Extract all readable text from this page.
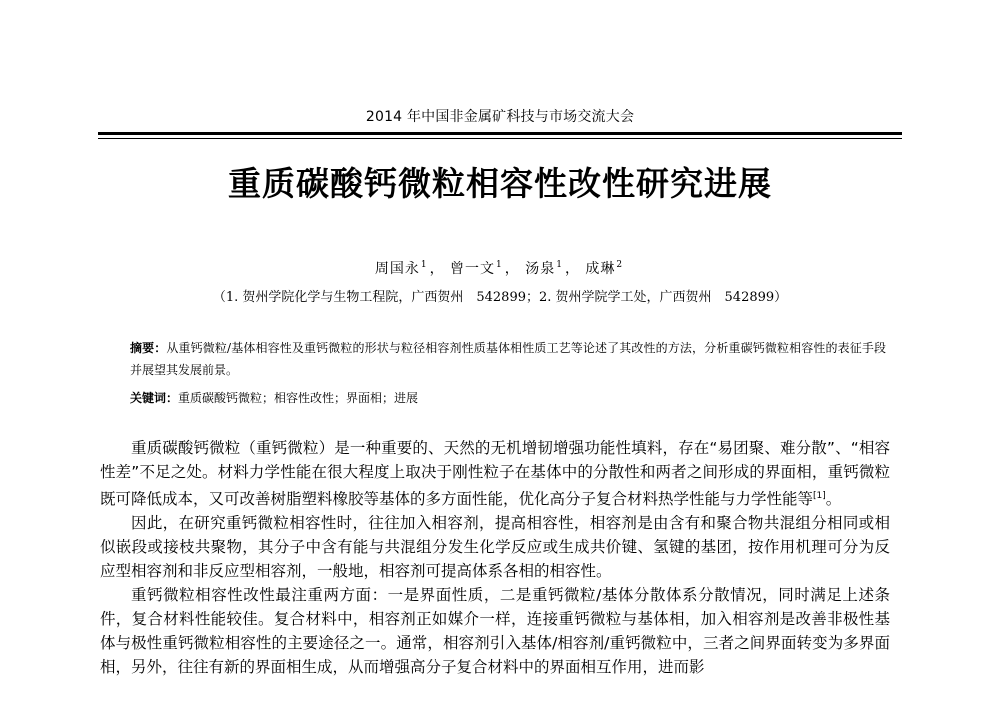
2014 年中国非金属矿科技与市场交流大会
重质碳酸钙微粒相容性改性研究进展
周国永$^1$ ， 曾一文$^1$ ， 汤泉$^1$ ， 成琳$^2$
（1. 贺州学院化学与生物工程院，广西贺州　542899；2. 贺州学院学工处，广西贺州　542899）
摘要：从重钙微粒/基体相容性及重钙微粒的形状与粒径相容剂性质基体相性质工艺等论述了其改性的方法，分析重碳钙微粒相容性的表征手段并展望其发展前景。
关键词：重质碳酸钙微粒；相容性改性；界面相；进展

重质碳酸钙微粒（重钙微粒）是一种重要的、天然的无机增韧增强功能性填料，存在“易团聚、难分散”、“相容性差”不足之处。材料力学性能在很大程度上取决于刚性粒子在基体中的分散性和两者之间形成的界面相，重钙微粒既可降低成本，又可改善树脂塑料橡胶等基体的多方面性能，优化高分子复合材料热学性能与力学性能等[1]。

因此，在研究重钙微粒相容性时，往往加入相容剂，提高相容性，相容剂是由含有和聚合物共混组分相同或相似嵌段或接枝共聚物，其分子中含有能与共混组分发生化学反应或生成共价键、氢键的基团，按作用机理可分为反应型相容剂和非反应型相容剂，一般地，相容剂可提高体系各相的相容性。

重钙微粒相容性改性最注重两方面：一是界面性质，二是重钙微粒/基体分散体系分散情况，同时满足上述条件，复合材料性能较佳。复合材料中，相容剂正如媒介一样，连接重钙微粒与基体相，加入相容剂是改善非极性基体与极性重钙微粒相容性的主要途径之一。通常，相容剂引入基体/相容剂/重钙微粒中，三者之间界面转变为多界面相，另外，往往有新的界面相生成，从而增强高分子复合材料中的界面相互作用，进而影
